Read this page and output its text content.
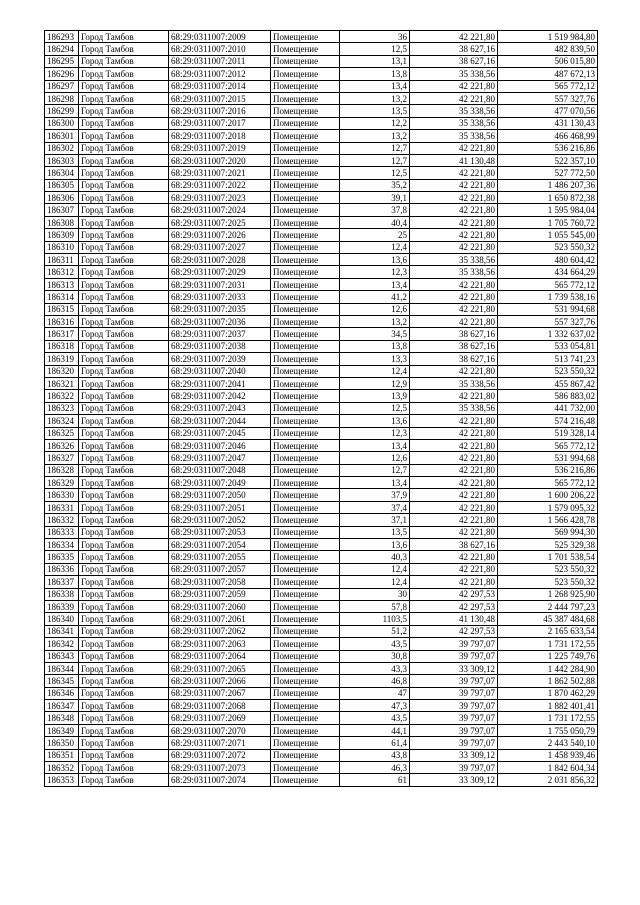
186293	Город Тамбов	68:29:0311007:2009	Помещение	36	42 221,80	1 519 984,80
186294	Город Тамбов	68:29:0311007:2010	Помещение	12,5	38 627,16	482 839,50
186295	Город Тамбов	68:29:0311007:2011	Помещение	13,1	38 627,16	506 015,80
186296	Город Тамбов	68:29:0311007:2012	Помещение	13,8	35 338,56	487 672,13
186297	Город Тамбов	68:29:0311007:2014	Помещение	13,4	42 221,80	565 772,12
186298	Город Тамбов	68:29:0311007:2015	Помещение	13,2	42 221,80	557 327,76
186299	Город Тамбов	68:29:0311007:2016	Помещение	13,5	35 338,56	477 070,56
186300	Город Тамбов	68:29:0311007:2017	Помещение	12,2	35 338,56	431 130,43
186301	Город Тамбов	68:29:0311007:2018	Помещение	13,2	35 338,56	466 468,99
186302	Город Тамбов	68:29:0311007:2019	Помещение	12,7	42 221,80	536 216,86
186303	Город Тамбов	68:29:0311007:2020	Помещение	12,7	41 130,48	522 357,10
186304	Город Тамбов	68:29:0311007:2021	Помещение	12,5	42 221,80	527 772,50
186305	Город Тамбов	68:29:0311007:2022	Помещение	35,2	42 221,80	1 486 207,36
186306	Город Тамбов	68:29:0311007:2023	Помещение	39,1	42 221,80	1 650 872,38
186307	Город Тамбов	68:29:0311007:2024	Помещение	37,8	42 221,80	1 595 984,04
186308	Город Тамбов	68:29:0311007:2025	Помещение	40,4	42 221,80	1 705 760,72
186309	Город Тамбов	68:29:0311007:2026	Помещение	25	42 221,80	1 055 545,00
186310	Город Тамбов	68:29:0311007:2027	Помещение	12,4	42 221,80	523 550,32
186311	Город Тамбов	68:29:0311007:2028	Помещение	13,6	35 338,56	480 604,42
186312	Город Тамбов	68:29:0311007:2029	Помещение	12,3	35 338,56	434 664,29
186313	Город Тамбов	68:29:0311007:2031	Помещение	13,4	42 221,80	565 772,12
186314	Город Тамбов	68:29:0311007:2033	Помещение	41,2	42 221,80	1 739 538,16
186315	Город Тамбов	68:29:0311007:2035	Помещение	12,6	42 221,80	531 994,68
186316	Город Тамбов	68:29:0311007:2036	Помещение	13,2	42 221,80	557 327,76
186317	Город Тамбов	68:29:0311007:2037	Помещение	34,5	38 627,16	1 332 637,02
186318	Город Тамбов	68:29:0311007:2038	Помещение	13,8	38 627,16	533 054,81
186319	Город Тамбов	68:29:0311007:2039	Помещение	13,3	38 627,16	513 741,23
186320	Город Тамбов	68:29:0311007:2040	Помещение	12,4	42 221,80	523 550,32
186321	Город Тамбов	68:29:0311007:2041	Помещение	12,9	35 338,56	455 867,42
186322	Город Тамбов	68:29:0311007:2042	Помещение	13,9	42 221,80	586 883,02
186323	Город Тамбов	68:29:0311007:2043	Помещение	12,5	35 338,56	441 732,00
186324	Город Тамбов	68:29:0311007:2044	Помещение	13,6	42 221,80	574 216,48
186325	Город Тамбов	68:29:0311007:2045	Помещение	12,3	42 221,80	519 328,14
186326	Город Тамбов	68:29:0311007:2046	Помещение	13,4	42 221,80	565 772,12
186327	Город Тамбов	68:29:0311007:2047	Помещение	12,6	42 221,80	531 994,68
186328	Город Тамбов	68:29:0311007:2048	Помещение	12,7	42 221,80	536 216,86
186329	Город Тамбов	68:29:0311007:2049	Помещение	13,4	42 221,80	565 772,12
186330	Город Тамбов	68:29:0311007:2050	Помещение	37,9	42 221,80	1 600 206,22
186331	Город Тамбов	68:29:0311007:2051	Помещение	37,4	42 221,80	1 579 095,32
186332	Город Тамбов	68:29:0311007:2052	Помещение	37,1	42 221,80	1 566 428,78
186333	Город Тамбов	68:29:0311007:2053	Помещение	13,5	42 221,80	569 994,30
186334	Город Тамбов	68:29:0311007:2054	Помещение	13,6	38 627,16	525 329,38
186335	Город Тамбов	68:29:0311007:2055	Помещение	40,3	42 221,80	1 701 538,54
186336	Город Тамбов	68:29:0311007:2057	Помещение	12,4	42 221,80	523 550,32
186337	Город Тамбов	68:29:0311007:2058	Помещение	12,4	42 221,80	523 550,32
186338	Город Тамбов	68:29:0311007:2059	Помещение	30	42 297,53	1 268 925,90
186339	Город Тамбов	68:29:0311007:2060	Помещение	57,8	42 297,53	2 444 797,23
186340	Город Тамбов	68:29:0311007:2061	Помещение	1103,5	41 130,48	45 387 484,68
186341	Город Тамбов	68:29:0311007:2062	Помещение	51,2	42 297,53	2 165 633,54
186342	Город Тамбов	68:29:0311007:2063	Помещение	43,5	39 797,07	1 731 172,55
186343	Город Тамбов	68:29:0311007:2064	Помещение	30,8	39 797,07	1 225 749,76
186344	Город Тамбов	68:29:0311007:2065	Помещение	43,3	33 309,12	1 442 284,90
186345	Город Тамбов	68:29:0311007:2066	Помещение	46,8	39 797,07	1 862 502,88
186346	Город Тамбов	68:29:0311007:2067	Помещение	47	39 797,07	1 870 462,29
186347	Город Тамбов	68:29:0311007:2068	Помещение	47,3	39 797,07	1 882 401,41
186348	Город Тамбов	68:29:0311007:2069	Помещение	43,5	39 797,07	1 731 172,55
186349	Город Тамбов	68:29:0311007:2070	Помещение	44,1	39 797,07	1 755 050,79
186350	Город Тамбов	68:29:0311007:2071	Помещение	61,4	39 797,07	2 443 540,10
186351	Город Тамбов	68:29:0311007:2072	Помещение	43,8	33 309,12	1 458 939,46
186352	Город Тамбов	68:29:0311007:2073	Помещение	46,3	39 797,07	1 842 604,34
186353	Город Тамбов	68:29:0311007:2074	Помещение	61	33 309,12	2 031 856,32
